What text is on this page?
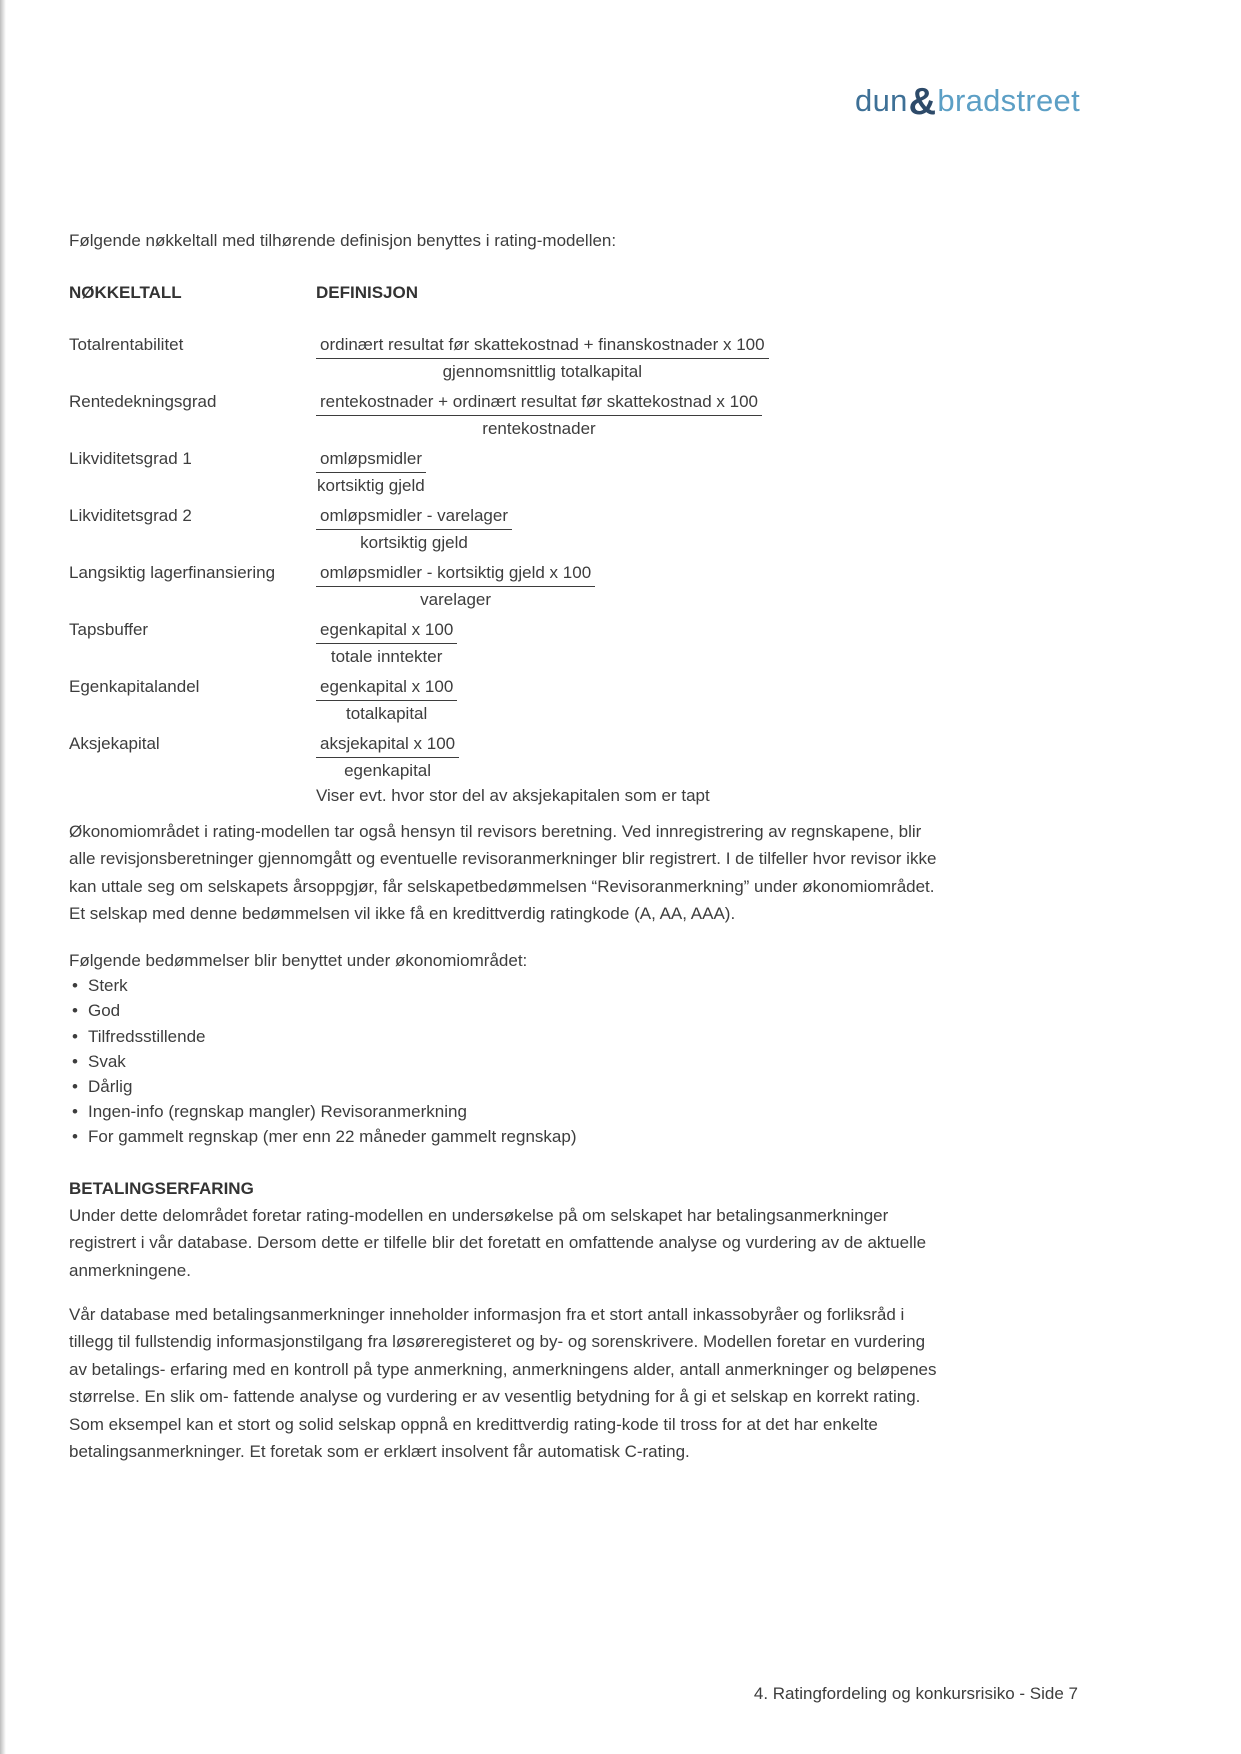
dun&bradstreet

Følgende nøkkeltall med tilhørende definisjon benyttes i rating-modellen:

NØKKELTALL	DEFINISJON
Totalrentabilitet	$\frac{\text{ordinært resultat før skattekostnad + finanskostnader x 100}}{\text{gjennomsnittlig totalkapital}}$
Rentedekningsgrad	$\frac{\text{rentekostnader + ordinært resultat før skattekostnad x 100}}{\text{rentekostnader}}$
Likviditetsgrad 1	$\frac{\text{omløpsmidler}}{\text{kortsiktig gjeld}}$
Likviditetsgrad 2	$\frac{\text{omløpsmidler - varelager}}{\text{kortsiktig gjeld}}$
Langsiktig lagerfinansiering	$\frac{\text{omløpsmidler - kortsiktig gjeld x 100}}{\text{varelager}}$
Tapsbuffer	$\frac{\text{egenkapital x 100}}{\text{totale inntekter}}$
Egenkapitalandel	$\frac{\text{egenkapital x 100}}{\text{totalkapital}}$
Aksjekapital	$\frac{\text{aksjekapital x 100}}{\text{egenkapital}}$

Viser evt. hvor stor del av aksjekapitalen som er tapt

Økonomiområdet i rating-modellen tar også hensyn til revisors beretning. Ved innregistrering av regnskapene, blir alle revisjonsberetninger gjennomgått og eventuelle revisoranmerkninger blir registrert. I de tilfeller hvor revisor ikke kan uttale seg om selskapets årsoppgjør, får selskapetbedømmelsen “Revisoranmerkning” under økonomiområdet. Et selskap med denne bedømmelsen vil ikke få en kredittverdig ratingkode (A, AA, AAA).

Følgende bedømmelser blir benyttet under økonomiområdet:

• Sterk
• God
• Tilfredsstillende
• Svak
• Dårlig
• Ingen-info (regnskap mangler) Revisoranmerkning
• For gammelt regnskap (mer enn 22 måneder gammelt regnskap)
BETALINGSERFARING

Under dette delområdet foretar rating-modellen en undersøkelse på om selskapet har betalingsanmerkninger registrert i vår database. Dersom dette er tilfelle blir det foretatt en omfattende analyse og vurdering av de aktuelle anmerkningene.

Vår database med betalingsanmerkninger inneholder informasjon fra et stort antall inkassobyråer og forliksråd i tillegg til fullstendig informasjonstilgang fra løsøreregisteret og by- og sorenskrivere. Modellen foretar en vurdering av betalings- erfaring med en kontroll på type anmerkning, anmerkningens alder, antall anmerkninger og beløpenes størrelse. En slik om- fattende analyse og vurdering er av vesentlig betydning for å gi et selskap en korrekt rating. Som eksempel kan et stort og solid selskap oppnå en kredittverdig rating-kode til tross for at det har enkelte betalingsanmerkninger. Et foretak som er erklært insolvent får automatisk C-rating.

4. Ratingfordeling og konkursrisiko - Side 7
